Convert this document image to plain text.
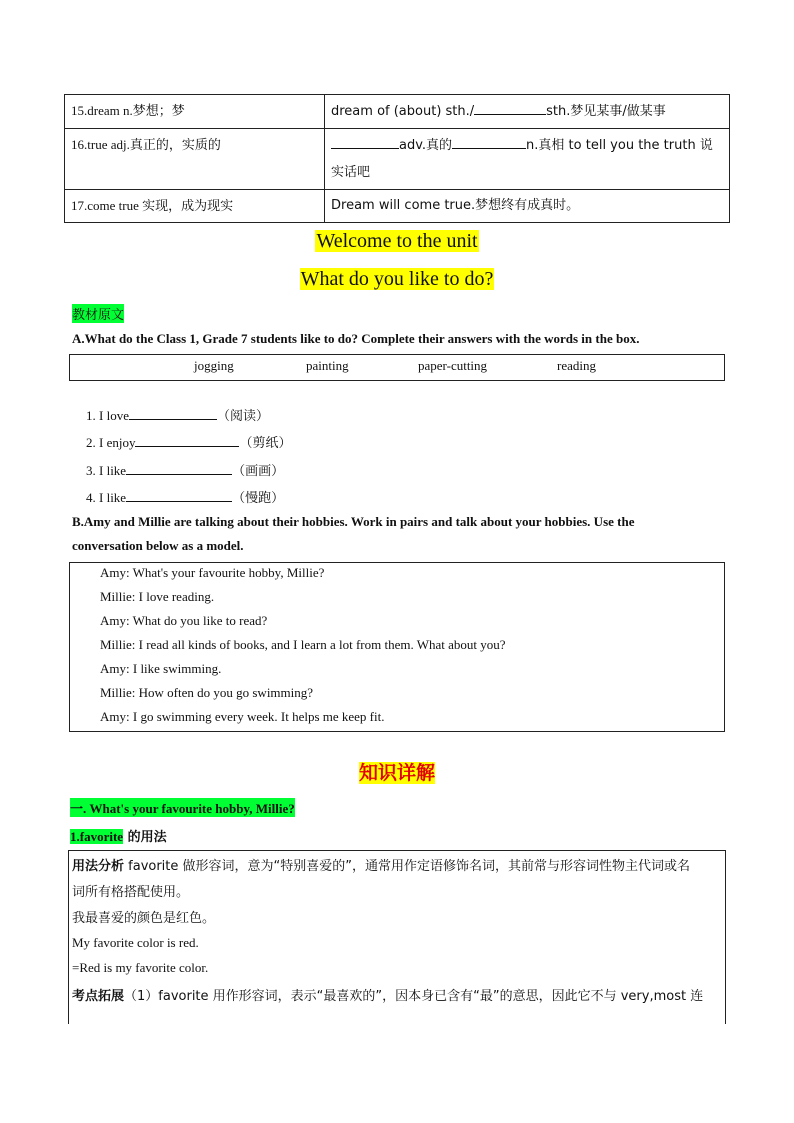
15.dream n.梦想；梦	dream of (about) sth./ sth.梦见某事/做某事
16.true adj.真正的，实质的	adv.真的 n.真相 to tell you the truth 说实话吧
17.come true 实现，成为现实	Dream will come true.梦想终有成真时。
Welcome to the unit
What do you like to do?
教材原文
A.What do the Class 1, Grade 7 students like to do? Complete their answers with the words in the box.
jogging	painting	paper-cutting	reading
1. I love	（阅读）
2. I enjoy	（剪纸）
3. I like	（画画）
4. I like	（慢跑）
B.Amy and Millie are talking about their hobbies. Work in pairs and talk about your hobbies. Use the
conversation below as a model.
Amy: What's your favourite hobby, Millie?
Millie: I love reading.
Amy: What do you like to read?
Millie: I read all kinds of books, and I learn a lot from them. What about you?
Amy: I like swimming.
Millie: How often do you go swimming?
Amy: I go swimming every week. It helps me keep fit.
知识详解
一. What's your favourite hobby, Millie?
1.favorite 的用法
用法分析 favorite 做形容词，意为“特别喜爱的”，通常用作定语修饰名词，其前常与形容词性物主代词或名
词所有格搭配使用。
我最喜爱的颜色是红色。
My favorite color is red.
=Red is my favorite color.
考点拓展（1）favorite 用作形容词，表示“最喜欢的”，因本身已含有“最”的意思，因此它不与 very,most 连
